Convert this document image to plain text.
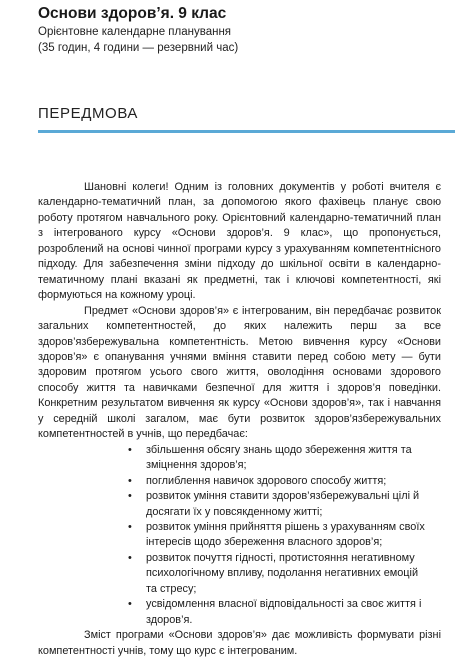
Основи здоров’я. 9 клас

Орієнтовне календарне планування

(35 годин, 4 години — резервний час)

ПЕРЕДМОВА

Шановні колеги! Одним із головних документів у роботі вчителя є календарно-тематичний план, за допомогою якого фахівець планує свою роботу протягом навчального року. Орієнтовний календарно-тематичний план з інтегрованого курсу «Основи здоров’я. 9 клас», що пропонується, розроблений на основі чинної програми курсу з урахуванням компетентнісного підходу. Для забезпечення зміни підходу до шкільної освіти в календарно-тематичному плані вказані як предметні, так і ключові компетентності, які формуються на кожному уроці.

Предмет «Основи здоров’я» є інтегрованим, він передбачає розвиток загальних компетентностей, до яких належить перш за все здоров’язбережувальна компетентність. Метою вивчення курсу «Основи здоров’я» є опанування учнями вміння ставити перед собою мету — бути здоровим протягом усього свого життя, оволодіння основами здорового способу життя та навичками безпечної для життя і здоров’я поведінки. Конкретним результатом вивчення як курсу «Основи здоров’я», так і навчання у середній школі загалом, має бути розвиток здоров’язбережувальних компетентностей в учнів, що передбачає:

• збільшення обсягу знань щодо збереження життя та зміцнення здоров’я;
• поглиблення навичок здорового способу життя;
• розвиток уміння ставити здоров’язбережувальні цілі й досягати їх у повсякденному житті;
• розвиток уміння прийняття рішень з урахуванням своїх інтересів щодо збереження власного здоров’я;
• розвиток почуття гідності, протистояння негативному психологічному впливу, подолання негативних емоцій та стресу;
• усвідомлення власної відповідальності за своє життя і здоров’я.

Зміст програми «Основи здоров’я» дає можливість формувати різні компетентності учнів, тому що курс є інтегрованим.
